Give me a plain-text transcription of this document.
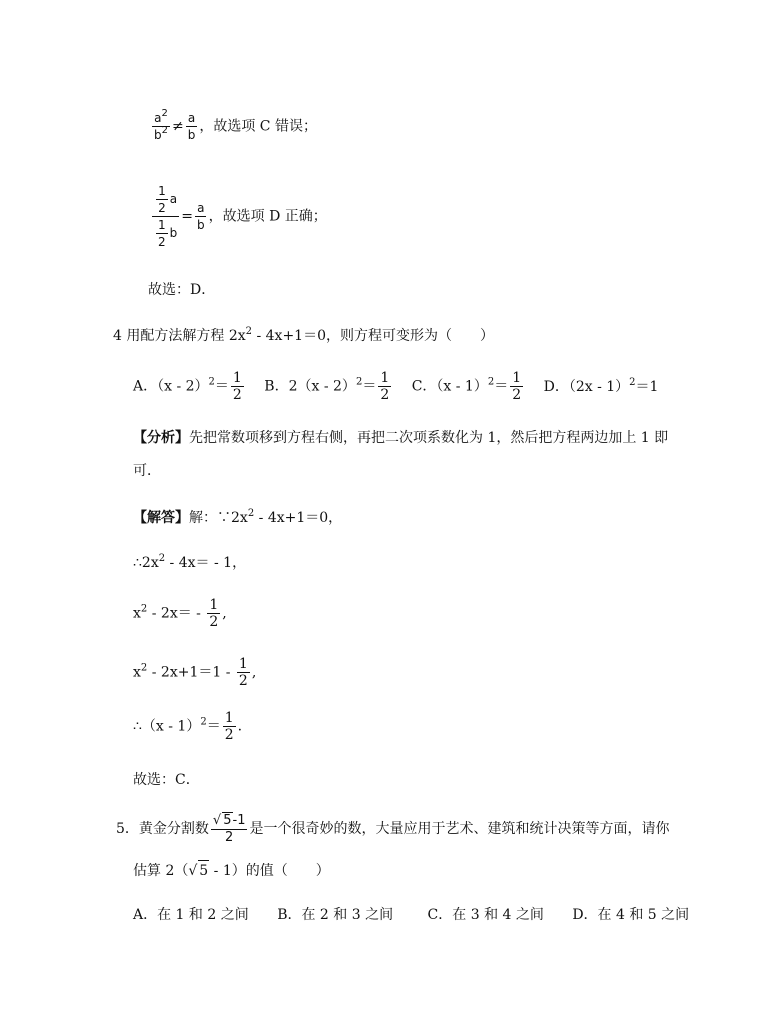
$\frac{a^2}{b^2} \ne \frac{a}{b}$ ，故选项 C 错误；
$\frac{\frac{1}{2} a}{\frac{1}{2} b} = \frac{a}{b}$ ，故选项 D 正确；
故选：D．
4 用配方法解方程 $2x^2 - 4x+1=0$，则方程可变形为（　　）
A．$(x - 2)^2= \frac{1}{2}$ B．$2(x - 2)^2= \frac{1}{2}$ C．$(x - 1)^2= \frac{1}{2}$ D．（2x - 1）$^2$＝1
【分析】先把常数项移到方程右侧，再把二次项系数化为 1，然后把方程两边加上 1 即
可．
【解答】解：$\because 2x^2 - 4x+1=0$，
$\therefore 2x^2 - 4x= - 1$，
$x^2 - 2x= - \frac{1}{2}$ ,
$x^2 - 2x+1=1 - \frac{1}{2}$ ,
∴（x - $1)^2= \frac{1}{2}$ .
故选：C．
5．黄金分割数 $\frac{√ 5-1}{2}$ 是一个很奇妙的数，大量应用于艺术、建筑和统计决策等方面，请你
估算 2（√ 5 - 1）的值（　　）
A．在 1 和 2 之间 B．在 2 和 3 之间 C．在 3 和 4 之间 D．在 4 和 5 之间
